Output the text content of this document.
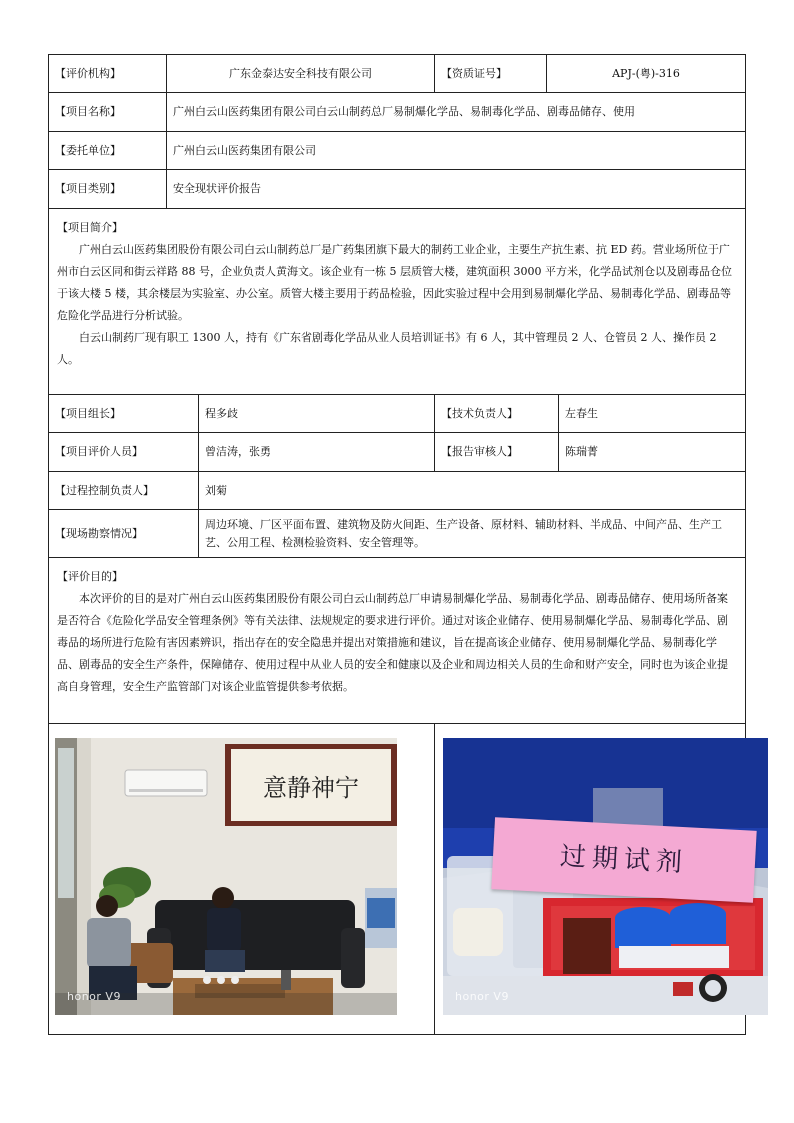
【评价机构】	广东金泰达安全科技有限公司		【资质证号】	APJ-(粤)-316	
【项目名称】	广州白云山医药集团有限公司白云山制药总厂易制爆化学品、易制毒化学品、剧毒品储存、使用				
【委托单位】	广州白云山医药集团有限公司				
【项目类别】	安全现状评价报告				

【项目简介】

广州白云山医药集团股份有限公司白云山制药总厂是广药集团旗下最大的制药工业企业，主要生产抗生素、抗 ED 药。营业场所位于广州市白云区同和街云祥路 88 号，企业负责人黄海文。该企业有一栋 5 层质管大楼，建筑面积 3000 平方米，化学品试剂仓以及剧毒品仓位于该大楼 5 楼，其余楼层为实验室、办公室。质管大楼主要用于药品检验，因此实验过程中会用到易制爆化学品、易制毒化学品、剧毒品等危险化学品进行分析试验。

白云山制药厂现有职工 1300 人，持有《广东省剧毒化学品从业人员培训证书》有 6 人，其中管理员 2 人、仓管员 2 人、操作员 2 人。					

【项目组长】		程多歧	【技术负责人】		左春生
【项目评价人员】		曾洁涛，张勇	【报告审核人】		陈瑞菁
【过程控制负责人】		刘菊			
【现场勘察情况】		周边环境、厂区平面布置、建筑物及防火间距、生产设备、原材料、辅助材料、半成品、中间产品、生产工艺、公用工程、检测检验资料、安全管理等。			

【评价目的】

本次评价的目的是对广州白云山医药集团股份有限公司白云山制药总厂申请易制爆化学品、易制毒化学品、剧毒品储存、使用场所备案是否符合《危险化学品安全管理条例》等有关法律、法规规定的要求进行评价。通过对该企业储存、使用易制爆化学品、易制毒化学品、剧毒品的场所进行危险有害因素辨识，指出存在的安全隐患并提出对策措施和建议，旨在提高该企业储存、使用易制爆化学品、易制毒化学品、剧毒品的安全生产条件，保障储存、使用过程中从业人员的安全和健康以及企业和周边相关人员的生命和财产安全，同时也为该企业提高自身管理，安全生产监管部门对该企业监管提供参考依据。					

意静神宁
honor V9			过期试剂
honor V9		
